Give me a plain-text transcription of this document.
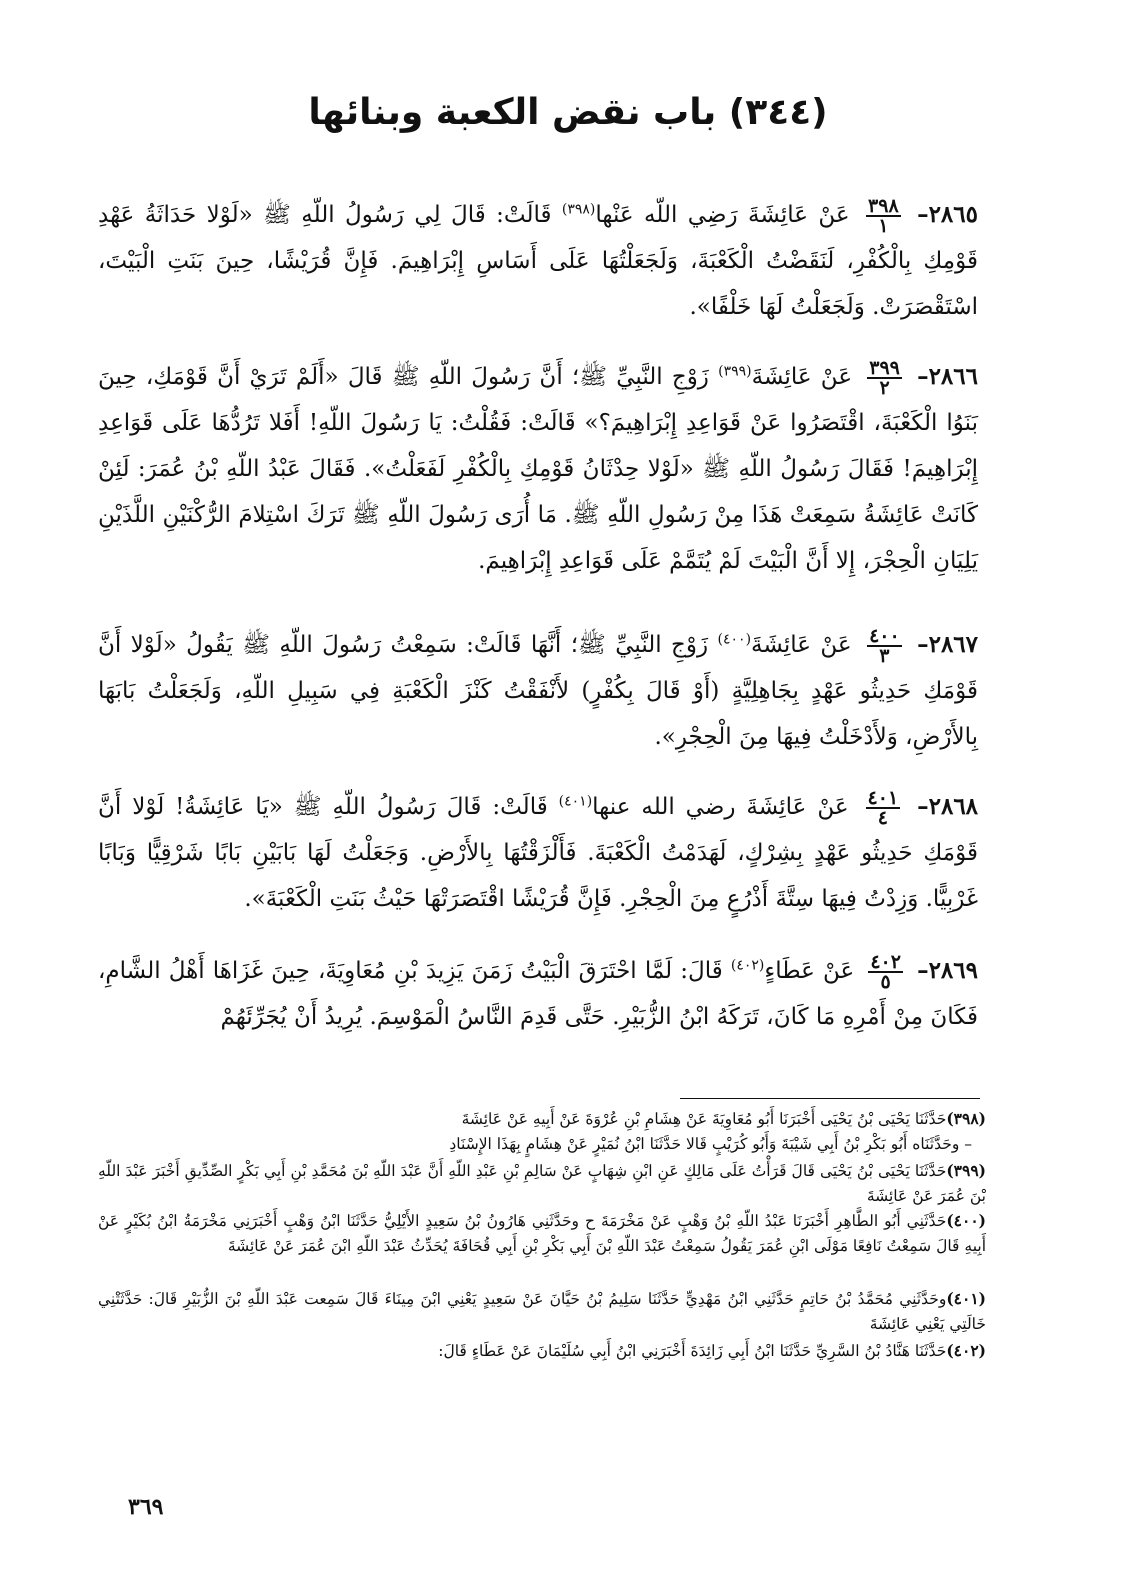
(٣٤٤) باب نقض الكعبة وبنائها
٢٨٦٥–
$\frac{٣٩٨}{١}$
عَنْ عَائِشَةَ رَضِي اللّه عَنْها$^{(٣٩٨)}$ قَالَتْ: قَالَ لِي رَسُولُ اللّهِ ﷺ «لَوْلا حَدَاثَةُ عَهْدِ قَوْمِكِ بِالْكُفْرِ، لَنَقَضْتُ الْكَعْبَةَ، وَلَجَعَلْتُهَا عَلَى أَسَاسِ إِبْرَاهِيمَ. فَإِنَّ قُرَيْشًا، حِينَ بَنَتِ الْبَيْتَ، اسْتَقْصَرَتْ. وَلَجَعَلْتُ لَهَا خَلْفًا».
٢٨٦٦–
$\frac{٣٩٩}{٢}$
عَنْ عَائِشَةَ$^{(٣٩٩)}$ زَوْجِ النَّبِيِّ ﷺ؛ أَنَّ رَسُولَ اللّهِ ﷺ قَالَ «أَلَمْ تَرَيْ أَنَّ قَوْمَكِ، حِينَ بَنَوُا الْكَعْبَةَ، اقْتَصَرُوا عَنْ قَوَاعِدِ إِبْرَاهِيمَ؟» قَالَتْ: فَقُلْتُ: يَا رَسُولَ اللّهِ! أَفَلا تَرُدُّهَا عَلَى قَوَاعِدِ إِبْرَاهِيمَ! فَقَالَ رَسُولُ اللّهِ ﷺ «لَوْلا حِدْثَانُ قَوْمِكِ بِالْكُفْرِ لَفَعَلْتُ». فَقَالَ عَبْدُ اللّهِ بْنُ عُمَرَ: لَئِنْ كَانَتْ عَائِشَةُ سَمِعَتْ هَذَا مِنْ رَسُولِ اللّهِ ﷺ. مَا أُرَى رَسُولَ اللّهِ ﷺ تَرَكَ اسْتِلامَ الرُّكْنَيْنِ اللَّذَيْنِ يَلِيَانِ الْحِجْرَ، إِلا أَنَّ الْبَيْتَ لَمْ يُتَمَّمْ عَلَى قَوَاعِدِ إِبْرَاهِيمَ.
٢٨٦٧–
$\frac{٤٠٠}{٣}$
عَنْ عَائِشَةَ$^{(٤٠٠)}$ زَوْجِ النَّبِيِّ ﷺ؛ أَنَّهَا قَالَتْ: سَمِعْتُ رَسُولَ اللّهِ ﷺ يَقُولُ «لَوْلا أَنَّ قَوْمَكِ حَدِيثُو عَهْدٍ بِجَاهِلِيَّةٍ (أَوْ قَالَ بِكُفْرٍ) لأَنْفَقْتُ كَنْزَ الْكَعْبَةِ فِي سَبِيلِ اللّهِ، وَلَجَعَلْتُ بَابَهَا بِالأَرْضِ، وَلأَدْخَلْتُ فِيهَا مِنَ الْحِجْرِ».
٢٨٦٨–
$\frac{٤٠١}{٤}$
عَنْ عَائِشَةَ رضي الله عنها$^{(٤٠١)}$ قَالَتْ: قَالَ رَسُولُ اللّهِ ﷺ «يَا عَائِشَةُ! لَوْلا أَنَّ قَوْمَكِ حَدِيثُو عَهْدٍ بِشِرْكٍ، لَهَدَمْتُ الْكَعْبَةَ. فَأَلْزَقْتُهَا بِالأَرْضِ. وَجَعَلْتُ لَهَا بَابَيْنِ بَابًا شَرْقِيًّا وَبَابًا غَرْبِيًّا. وَزِدْتُ فِيهَا سِتَّةَ أَذْرُعٍ مِنَ الْحِجْرِ. فَإِنَّ قُرَيْشًا اقْتَصَرَتْهَا حَيْثُ بَنَتِ الْكَعْبَةَ».
٢٨٦٩–
$\frac{٤٠٢}{٥}$
عَنْ عَطَاءٍ$^{(٤٠٢)}$ قَالَ: لَمَّا احْتَرَقَ الْبَيْتُ زَمَنَ يَزِيدَ بْنِ مُعَاوِيَةَ، حِينَ غَزَاهَا أَهْلُ الشَّامِ، فَكَانَ مِنْ أَمْرِهِ مَا كَانَ، تَرَكَهُ ابْنُ الزُّبَيْرِ. حَتَّى قَدِمَ النَّاسُ الْمَوْسِمَ. يُرِيدُ أَنْ يُجَرِّئَهُمْ
(٣٩٨)حَدَّثَنَا يَحْيَى بْنُ يَحْيَى أَخْبَرَنَا أَبُو مُعَاوِيَةَ عَنْ هِشَامِ بْنِ عُرْوَةَ عَنْ أَبِيهِ عَنْ عَائِشَةَ
– وحَدَّثَنَاه أَبُو بَكْرِ بْنُ أَبِي شَيْبَةَ وَأَبُو كُرَيْبٍ قَالا حَدَّثَنَا ابْنُ نُمَيْرٍ عَنْ هِشَامٍ بِهَذَا الإِسْنَادِ
(٣٩٩)حَدَّثَنَا يَحْيَى بْنُ يَحْيَى قَالَ قَرَأْتُ عَلَى مَالِكٍ عَنِ ابْنِ شِهَابٍ عَنْ سَالِمِ بْنِ عَبْدِ اللّهِ أَنَّ عَبْدَ اللّهِ بْنَ مُحَمَّدِ بْنِ أَبِي بَكْرٍ الصِّدِّيقِ أَخْبَرَ عَبْدَ اللّهِ بْنَ عُمَرَ عَنْ عَائِشَةَ
(٤٠٠)حَدَّثَنِي أَبُو الطَّاهِرِ أَخْبَرَنَا عَبْدُ اللّهِ بْنُ وَهْبٍ عَنْ مَخْرَمَةَ ح وحَدَّثَنِي هَارُونُ بْنُ سَعِيدٍ الأَيْلِيُّ حَدَّثَنَا ابْنُ وَهْبٍ أَخْبَرَنِي مَخْرَمَةُ ابْنُ بُكَيْرٍ عَنْ أَبِيهِ قَالَ سَمِعْتُ نَافِعًا مَوْلَى ابْنِ عُمَرَ يَقُولُ سَمِعْتُ عَبْدَ اللّهِ بْنَ أَبِي بَكْرِ بْنِ أَبِي قُحَافَةَ يُحَدِّثُ عَبْدَ اللّهِ ابْنَ عُمَرَ عَنْ عَائِشَةَ
(٤٠١)وحَدَّثَنِي مُحَمَّدُ بْنُ حَاتِمٍ حَدَّثَنِي ابْنُ مَهْدِيٍّ حَدَّثَنَا سَلِيمُ بْنُ حَيَّانَ عَنْ سَعِيدٍ يَعْنِي ابْنَ مِينَاءَ قَالَ سَمِعت عَبْدَ اللّهِ بْنَ الزُّبَيْرِ قَالَ: حَدَّثَتْنِي خَالَتِي يَعْنِي عَائِشَةَ
(٤٠٢)حَدَّثَنَا هَنَّادُ بْنُ السَّرِيِّ حَدَّثَنَا ابْنُ أَبِي زَائِدَةَ أَخْبَرَنِي ابْنُ أَبِي سُلَيْمَانَ عَنْ عَطَاءٍ قَالَ:
٣٦٩
